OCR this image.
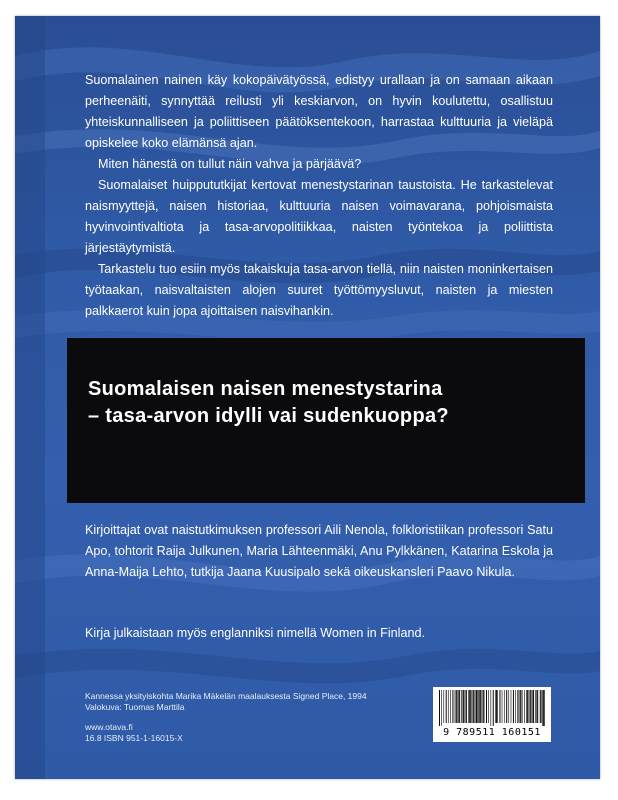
Suomalainen nainen käy kokopäivätyössä, edistyy urallaan ja on samaan aikaan perheenäiti, synnyttää reilusti yli keskiarvon, on hyvin koulutettu, osallistuu yhteiskunnalliseen ja poliittiseen päätöksentekoon, harrastaa kulttuuria ja vieläpä opiskelee koko elämänsä ajan.

Miten hänestä on tullut näin vahva ja pärjäävä?

Suomalaiset huippututkijat kertovat menestystarinan taustoista. He tarkastelevat naismyyttejä, naisen historiaa, kulttuuria naisen voimavarana, pohjoismaista hyvinvointivaltiota ja tasa-arvopolitiikkaa, naisten työntekoa ja poliittista järjestäytymistä.

Tarkastelu tuo esiin myös takaiskuja tasa-arvon tiellä, niin naisten moninkertaisen työtaakan, naisvaltaisten alojen suuret työttömyysluvut, naisten ja miesten palkkaerot kuin jopa ajoittaisen naisvihankin.

Suomalaisen naisen menestystarina
– tasa-arvon idylli vai sudenkuoppa?
Kirjoittajat ovat naistutkimuksen professori Aili Nenola, folkloristiikan professori Satu Apo, tohtorit Raija Julkunen, Maria Lähteenmäki, Anu Pylkkänen, Katarina Eskola ja Anna-Maija Lehto, tutkija Jaana Kuusipalo sekä oikeuskansleri Paavo Nikula.
Kirja julkaistaan myös englanniksi nimellä Women in Finland.
Kannessa yksityiskohta Marika Mäkelän maalauksesta Signed Place, 1994
Valokuva: Tuomas Marttila
www.otava.fi
16.8 ISBN 951-1-16015-X	9 789511 160151
